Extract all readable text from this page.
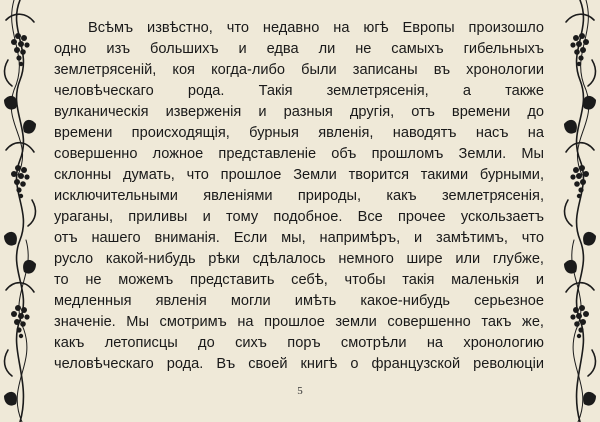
Всѣмъ извѣстно, что недавно на югѣ Европы произошло
одно изъ большихъ и едва ли не самыхъ гибельныхъ
землетрясеній, коя когда-либо были записаны въ хронологии
человѣческаго рода. Такія землетрясенія, а также
вулканическія изверженія и разныя другія, отъ времени до
времени происходящія, бурныя явленія, наводятъ насъ на
совершенно ложное представленіе объ прошломъ Земли. Мы
склонны думать, что прошлое Земли творится такими бурными,
исключительными явленіями природы, какъ землетрясенія,
ураганы, приливы и тому подобное. Все прочее ускользаетъ
отъ нашего вниманія. Если мы, напримѣръ, и замѣтимъ, что
русло какой-нибудь рѣки сдѣлалось немного шире или глубже,
то не можемъ представить себѣ, чтобы такія маленькія и
медленныя явленія могли имѣть какое-нибудь серьезное
значеніе. Мы смотримъ на прошлое земли совершенно такъ же,
какъ летописцы до сихъ поръ смотрѣли на хронологию
человѣческаго рода. Въ своей книгѣ о французской революціи
5
